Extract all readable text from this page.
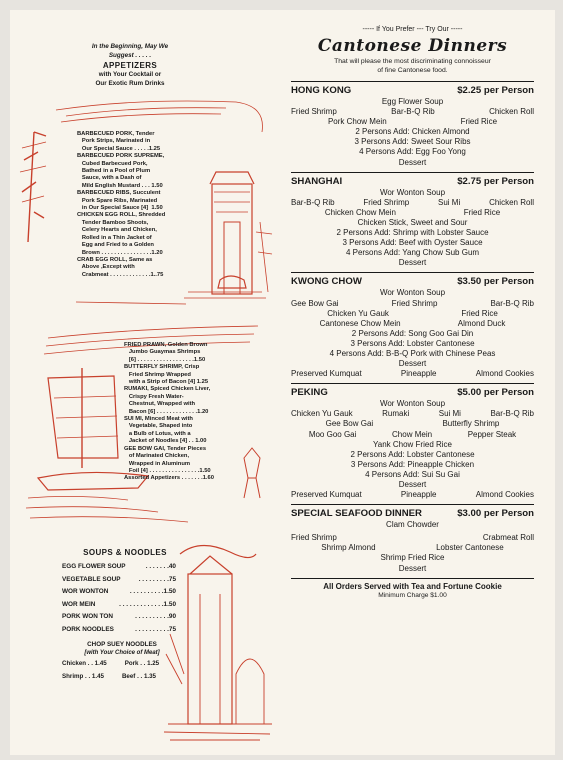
In the Beginning, May We
Suggest . . . . .
APPETIZERS
with Your Cocktail or
Our Exotic Rum Drinks
BARBECUED PORK, Tender
Pork Strips, Marinated in
Our Special Sauce . . . . .1.25
BARBECUED PORK SUPREME,
Cubed Barbecued Pork,
Bathed in a Pool of Plum
Sauce, with a Dash of
Mild English Mustard . . . 1.50
BARBECUED RIBS, Succulent
Pork Spare Ribs, Marinated
in Our Special Sauce [4]  1.50
CHICKEN EGG ROLL, Shredded
Tender Bamboo Shoots,
Celery Hearts and Chicken,
Rolled in a Thin Jacket of
Egg and Fried to a Golden
Brown . . . . . . . . . . . . . . . .1.20
CRAB EGG ROLL, Same as
Above ,Except with
Crabmeat . . . . . . . . . . . . .1..75
FRIED PRAWN, Golden Brown
Jumbo Guaymas Shrimps
[6] . . . . . . . . . . . . . . . . . .1.50
BUTTERFLY SHRIMP, Crisp
Fried Shrimp Wrapped
with a Strip of Bacon [4] 1.25
RUMAKI, Spiced Chicken Liver,
Crispy Fresh Water-
Chestnut, Wrapped with
Bacon [6] . . . . . . . . . . . . .1.20
SUI MI, Minced Meat with
Vegetable, Shaped into
a Bulb of Lotus, with a
Jacket of Noodles [4] . . 1.00
GEE BOW GAI, Tender Pieces
of Marinated Chicken,
Wrapped in Aluminum
Foil [4] . . . . . . . . . . . . . . . .1.50
Assorted Appetizers . . . . . . .1.60
SOUPS & NOODLES
EGG FLOWER SOUP	. . . . . . .40
VEGETABLE SOUP	. . . . . . . . .75
WOR WONTON	. . . . . . . . . .1.50
WOR MEIN	. . . . . . . . . . . . .1.50
PORK WON TON	. . . . . . . . . .90
PORK NOODLES	. . . . . . . . . .75
CHOP SUEY NOODLES
[with Your Choice of Meat]
Chicken . . 1.45	Pork . . 1.25
Shrimp . . 1.45	Beef . . 1.35
----- If You Prefer --- Try Our -----
Cantonese Dinners
That will please the most discriminating connoisseur
of fine Cantonese food.
HONG KONG	$2.25 per Person
Egg Flower Soup
Fried Shrimp	Bar-B-Q Rib	Chicken Roll
Pork Chow Mein	Fried Rice
2 Persons Add: Chicken Almond
3 Persons Add: Sweet Sour Ribs
4 Persons Add: Egg Foo Yong
Dessert
SHANGHAI	$2.75 per Person
Wor Wonton Soup
Bar-B-Q Rib	Fried Shrimp	Sui Mi	Chicken Roll
Chicken Chow Mein	Fried Rice
Chicken Stick, Sweet and Sour
2 Persons Add: Shrimp with Lobster Sauce
3 Persons Add: Beef with Oyster Sauce
4 Persons Add: Yang Chow Sub Gum
Dessert
KWONG CHOW	$3.50 per Person
Wor Wonton Soup
Gee Bow Gai	Fried Shrimp	Bar-B-Q Rib
Chicken Yu Gauk	Fried Rice
Cantonese Chow Mein	Almond Duck
2 Persons Add: Song Goo Gai Din
3 Persons Add: Lobster Cantonese
4 Persons Add: B-B-Q Pork with Chinese Peas
Dessert
Preserved Kumquat	Pineapple	Almond Cookies
PEKING	$5.00 per Person
Wor Wonton Soup
Chicken Yu Gauk	Rumaki	Sui Mi	Bar-B-Q Rib
Gee Bow Gai	Butterfly Shrimp
Moo Goo Gai	Chow Mein	Pepper Steak
Yank Chow Fried Rice
2 Persons Add: Lobster Cantonese
3 Persons Add: Pineapple Chicken
4 Persons Add: Sui Su Gai
Dessert
Preserved Kumquat	Pineapple	Almond Cookies
SPECIAL SEAFOOD DINNER	$3.00 per Person
Clam Chowder
Fried Shrimp	Crabmeat Roll
Shrimp Almond	Lobster Cantonese
Shrimp Fried Rice
Dessert
All Orders Served with Tea and Fortune Cookie
Minimum Charge $1.00
